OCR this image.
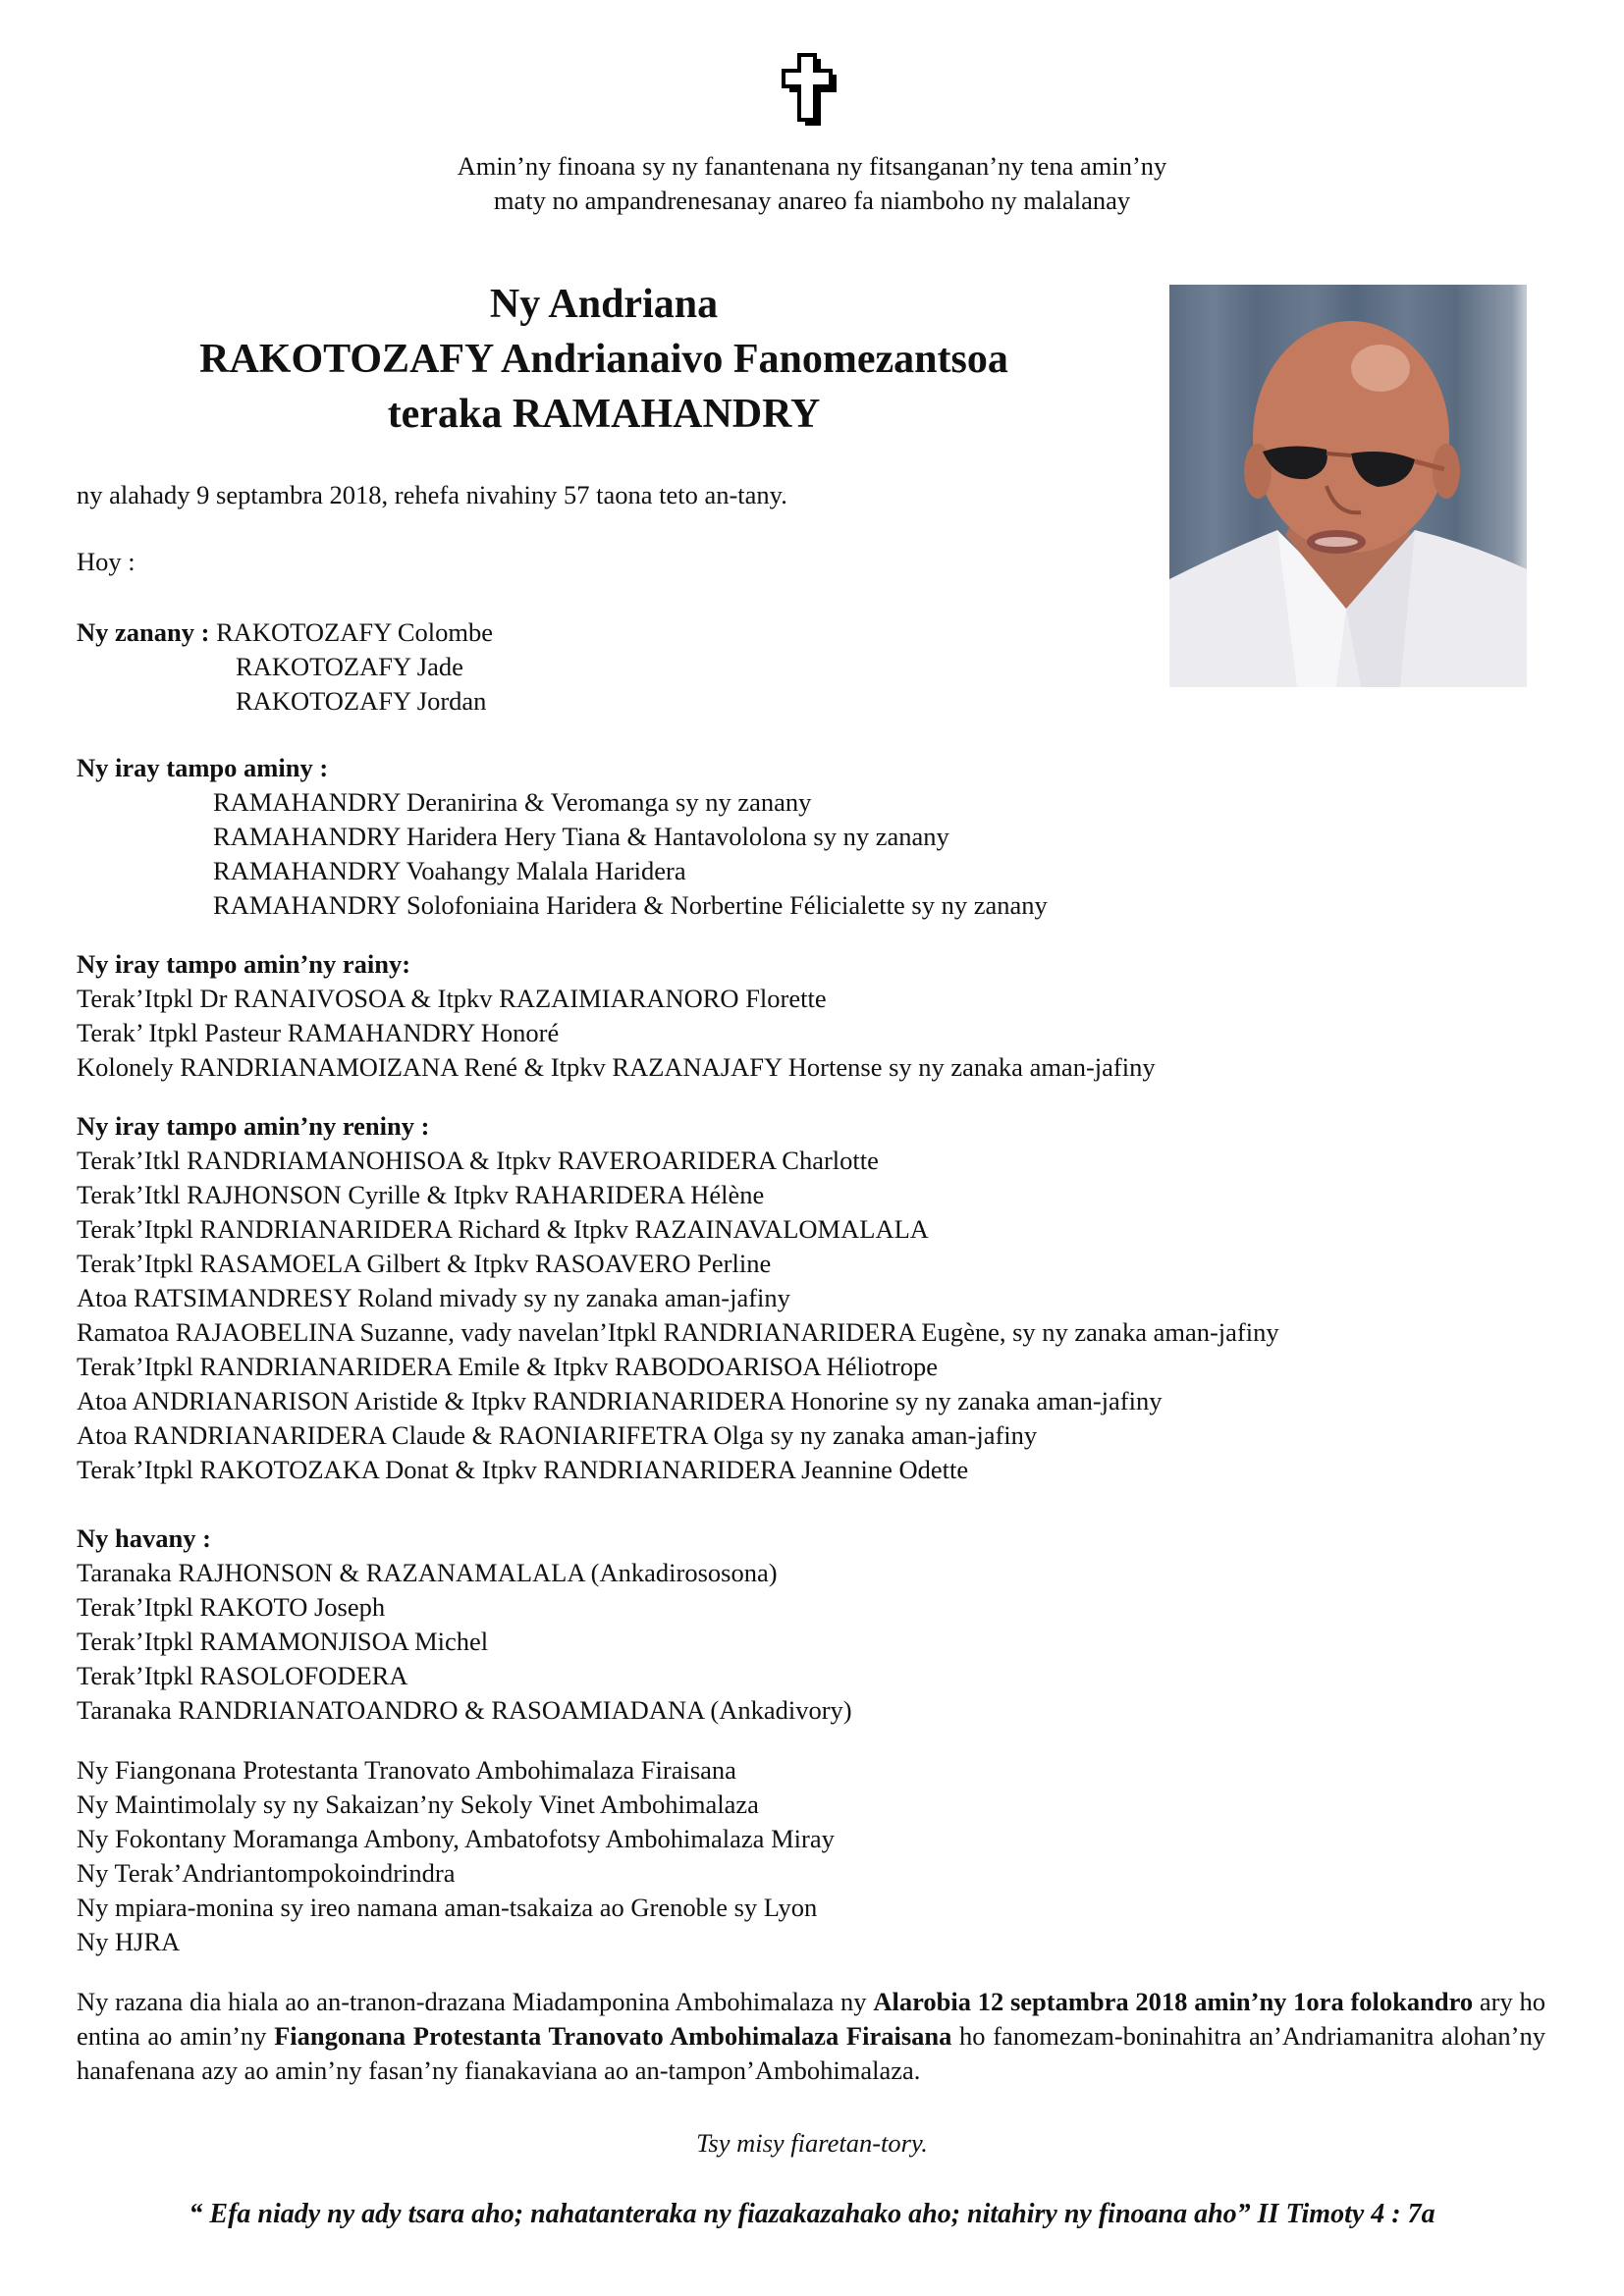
Amin’ny finoana sy ny fanantenana ny fitsanganan’ny tena amin’ny
maty no ampandrenesanay anareo fa niamboho ny malalanay
Ny Andriana
RAKOTOZAFY Andrianaivo Fanomezantsoa
teraka RAMAHANDRY
ny alahady 9 septambra 2018, rehefa nivahiny 57 taona teto an-tany.
Hoy :
Ny zanany : RAKOTOZAFY Colombe
RAKOTOZAFY Jade
RAKOTOZAFY Jordan
Ny iray tampo aminy :
RAMAHANDRY Deranirina & Veromanga sy ny zanany
RAMAHANDRY Haridera Hery Tiana & Hantavololona sy ny zanany
RAMAHANDRY Voahangy Malala Haridera
RAMAHANDRY Solofoniaina Haridera & Norbertine Félicialette sy ny zanany
Ny iray tampo amin’ny rainy:
Terak’Itpkl Dr RANAIVOSOA & Itpkv RAZAIMIARANORO Florette
Terak’ Itpkl Pasteur RAMAHANDRY Honoré
Kolonely RANDRIANAMOIZANA René & Itpkv RAZANAJAFY Hortense sy ny zanaka aman-jafiny
Ny iray tampo amin’ny reniny :
Terak’Itkl RANDRIAMANOHISOA & Itpkv RAVEROARIDERA Charlotte
Terak’Itkl RAJHONSON Cyrille & Itpkv RAHARIDERA Hélène
Terak’Itpkl RANDRIANARIDERA Richard & Itpkv RAZAINAVALOMALALA
Terak’Itpkl RASAMOELA Gilbert & Itpkv RASOAVERO Perline
Atoa RATSIMANDRESY Roland mivady sy ny zanaka aman-jafiny
Ramatoa RAJAOBELINA Suzanne, vady navelan’Itpkl RANDRIANARIDERA Eugène, sy ny zanaka aman-jafiny
Terak’Itpkl RANDRIANARIDERA Emile & Itpkv RABODOARISOA Héliotrope
Atoa ANDRIANARISON Aristide & Itpkv RANDRIANARIDERA Honorine sy ny zanaka aman-jafiny
Atoa RANDRIANARIDERA Claude & RAONIARIFETRA Olga sy ny zanaka aman-jafiny
Terak’Itpkl RAKOTOZAKA Donat & Itpkv RANDRIANARIDERA Jeannine Odette
Ny havany :
Taranaka RAJHONSON & RAZANAMALALA (Ankadirososona)
Terak’Itpkl RAKOTO Joseph
Terak’Itpkl RAMAMONJISOA Michel
Terak’Itpkl RASOLOFODERA
Taranaka RANDRIANATOANDRO & RASOAMIADANA (Ankadivory)
Ny Fiangonana Protestanta Tranovato Ambohimalaza Firaisana
Ny Maintimolaly sy ny Sakaizan’ny Sekoly Vinet Ambohimalaza
Ny Fokontany Moramanga Ambony, Ambatofotsy Ambohimalaza Miray
Ny Terak’Andriantompokoindrindra
Ny mpiara-monina sy ireo namana aman-tsakaiza ao Grenoble sy Lyon
Ny HJRA
Ny razana dia hiala ao an-tranon-drazana Miadamponina Ambohimalaza ny Alarobia 12 septambra 2018 amin’ny 1ora folokandro ary ho entina ao amin’ny Fiangonana Protestanta Tranovato Ambohimalaza Firaisana ho fanomezam-boninahitra an’Andriamanitra alohan’ny hanafenana azy ao amin’ny fasan’ny fianakaviana ao an-tampon’Ambohimalaza.
Tsy misy fiaretan-tory.
“ Efa niady ny ady tsara aho; nahatanteraka ny fiazakazahako aho; nitahiry ny finoana aho” II Timoty 4 : 7a
